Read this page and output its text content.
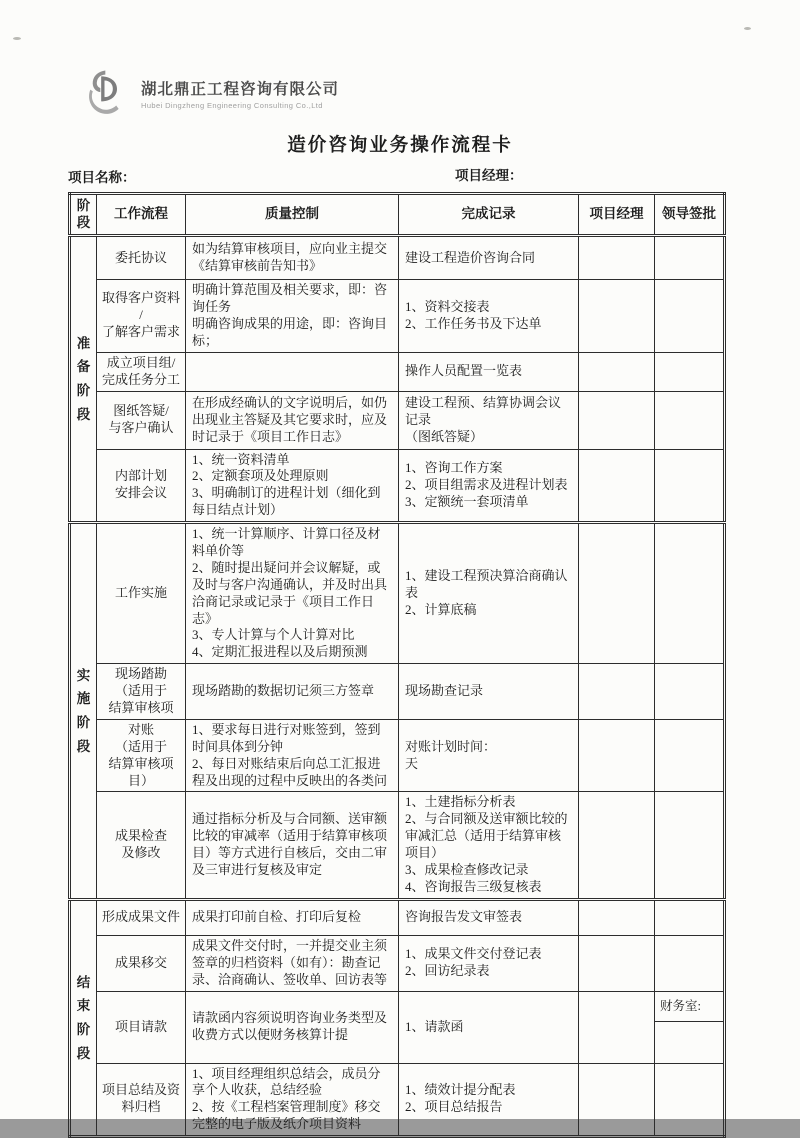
湖北鼎正工程咨询有限公司
Hubei Dingzheng Engineering Consulting Co.,Ltd
造价咨询业务操作流程卡
项目名称：	项目经理：
阶段	工作流程	质量控制	完成记录	项目经理	领导签批

准备阶段	委托协议	如为结算审核项目，应向业主提交《结算审核前告知书》	建设工程造价咨询合同		
	取得客户资料
/
了解客户需求	明确计算范围及相关要求，即：咨询任务
明确咨询成果的用途，即：咨询目标；	1、资料交接表
2、工作任务书及下达单		
	成立项目组/
完成任务分工		操作人员配置一览表		
	图纸答疑/
与客户确认	在形成经确认的文字说明后，如仍出现业主答疑及其它要求时，应及时记录于《项目工作日志》	建设工程预、结算协调会议记录
（图纸答疑）		
	内部计划
安排会议	1、统一资料清单
2、定额套项及处理原则
3、明确制订的进程计划（细化到每日结点计划）	1、咨询工作方案
2、项目组需求及进程计划表
3、定额统一套项清单		

实施阶段	工作实施	1、统一计算顺序、计算口径及材料单价等
2、随时提出疑问并会议解疑，或及时与客户沟通确认，并及时出具洽商记录或记录于《项目工作日志》
3、专人计算与个人计算对比
4、定期汇报进程以及后期预测	1、建设工程预决算洽商确认表
2、计算底稿		
	现场踏勘
（适用于
结算审核项	现场踏勘的数据切记须三方签章	现场勘查记录		
	对账
（适用于
结算审核项
目）	1、要求每日进行对账签到，签到时间具体到分钟
2、每日对账结束后向总工汇报进程及出现的过程中反映出的各类问	对账计划时间：
天		
	成果检查
及修改	通过指标分析及与合同额、送审额比较的审减率（适用于结算审核项目）等方式进行自核后，交由二审及三审进行复核及审定	1、土建指标分析表
2、与合同额及送审额比较的审减汇总（适用于结算审核项目）
3、成果检查修改记录
4、咨询报告三级复核表		

结束阶段	形成成果文件	成果打印前自检、打印后复检	咨询报告发文审签表		
	成果移交	成果文件交付时，一并提交业主须签章的归档资料（如有）：勘查记录、洽商确认、签收单、回访表等	1、成果文件交付登记表
2、回访纪录表		
	项目请款	请款函内容须说明咨询业务类型及收费方式以便财务核算计提	1、请款函		财务室:

	项目总结及资
料归档	1、项目经理组织总结会，成员分享个人收获，总结经验
2、按《工程档案管理制度》移交完整的电子版及纸介项目资料	1、绩效计提分配表
2、项目总结报告		
